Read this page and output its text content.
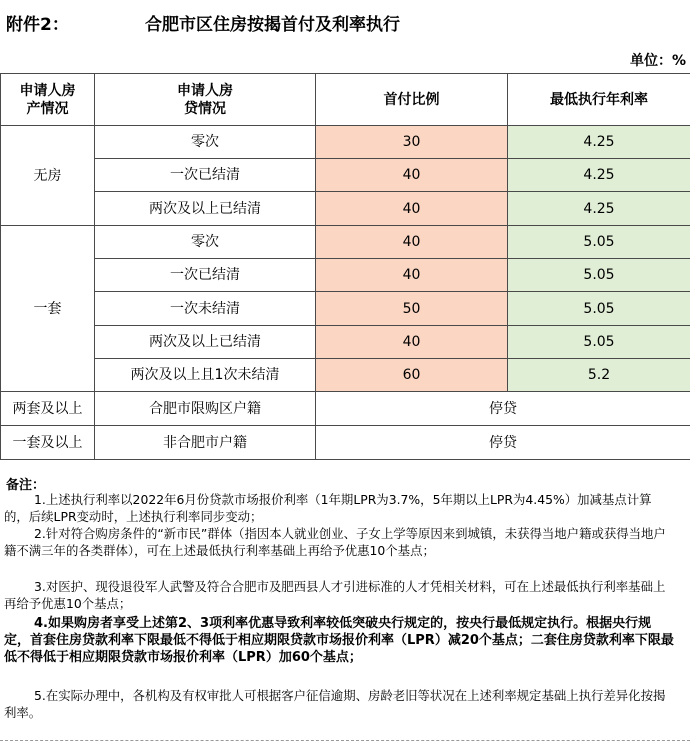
附件2：	合肥市区住房按揭首付及利率执行
单位：%
申请人房产情况	申请人房贷情况	首付比例	最低执行年利率
无房	零次	30	4.25
	一次已结清	40	4.25
	两次及以上已结清	40	4.25
一套	零次	40	5.05
	一次已结清	40	5.05
	一次未结清	50	5.05
	两次及以上已结清	40	5.05
	两次及以上且1次未结清	60	5.2
两套及以上	合肥市限购区户籍	停贷	
一套及以上	非合肥市户籍	停贷	
备注：

1.上述执行利率以2022年6月份贷款市场报价利率（1年期LPR为3.7%，5年期以上LPR为4.45%）加减基点计算的，后续LPR变动时，上述执行利率同步变动；

2.针对符合购房条件的“新市民”群体（指因本人就业创业、子女上学等原因来到城镇，未获得当地户籍或获得当地户籍不满三年的各类群体），可在上述最低执行利率基础上再给予优惠10个基点；

3.对医护、现役退役军人武警及符合合肥市及肥西县人才引进标准的人才凭相关材料，可在上述最低执行利率基础上再给予优惠10个基点；

4.如果购房者享受上述第2、3项利率优惠导致利率较低突破央行规定的，按央行最低规定执行。根据央行规定，首套住房贷款利率下限最低不得低于相应期限贷款市场报价利率（LPR）减20个基点；二套住房贷款利率下限最低不得低于相应期限贷款市场报价利率（LPR）加60个基点；

5.在实际办理中，各机构及有权审批人可根据客户征信逾期、房龄老旧等状况在上述利率规定基础上执行差异化按揭利率。
